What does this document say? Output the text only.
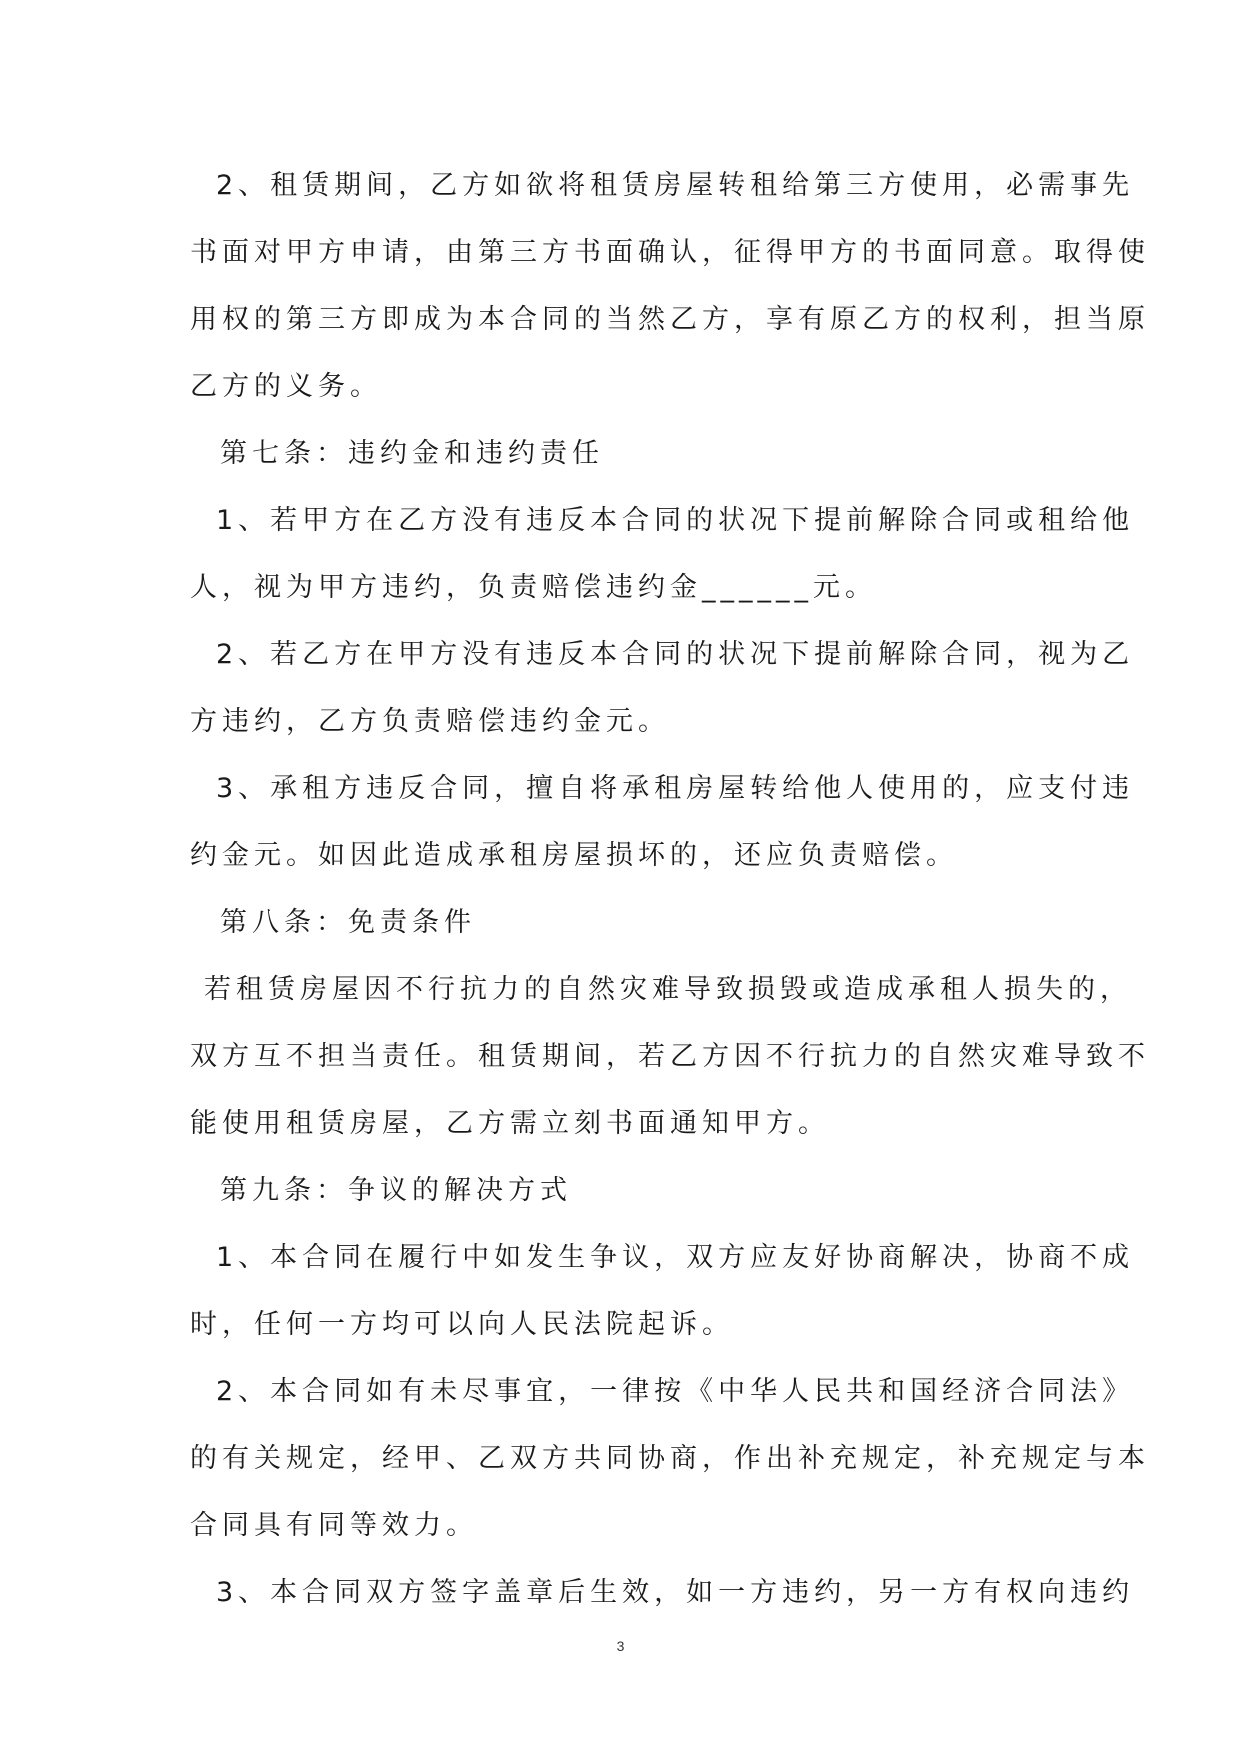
2、租赁期间，乙方如欲将租赁房屋转租给第三方使用，必需事先
书面对甲方申请，由第三方书面确认，征得甲方的书面同意。取得使
用权的第三方即成为本合同的当然乙方，享有原乙方的权利，担当原
乙方的义务。
第七条：违约金和违约责任
1、若甲方在乙方没有违反本合同的状况下提前解除合同或租给他
人，视为甲方违约，负责赔偿违约金______元。
2、若乙方在甲方没有违反本合同的状况下提前解除合同，视为乙
方违约，乙方负责赔偿违约金元。
3、承租方违反合同，擅自将承租房屋转给他人使用的，应支付违
约金元。如因此造成承租房屋损坏的，还应负责赔偿。
第八条：免责条件
若租赁房屋因不行抗力的自然灾难导致损毁或造成承租人损失的，
双方互不担当责任。租赁期间，若乙方因不行抗力的自然灾难导致不
能使用租赁房屋，乙方需立刻书面通知甲方。
第九条：争议的解决方式
1、本合同在履行中如发生争议，双方应友好协商解决，协商不成
时，任何一方均可以向人民法院起诉。
2、本合同如有未尽事宜，一律按《中华人民共和国经济合同法》
的有关规定，经甲、乙双方共同协商，作出补充规定，补充规定与本
合同具有同等效力。
3、本合同双方签字盖章后生效，如一方违约，另一方有权向违约
3
